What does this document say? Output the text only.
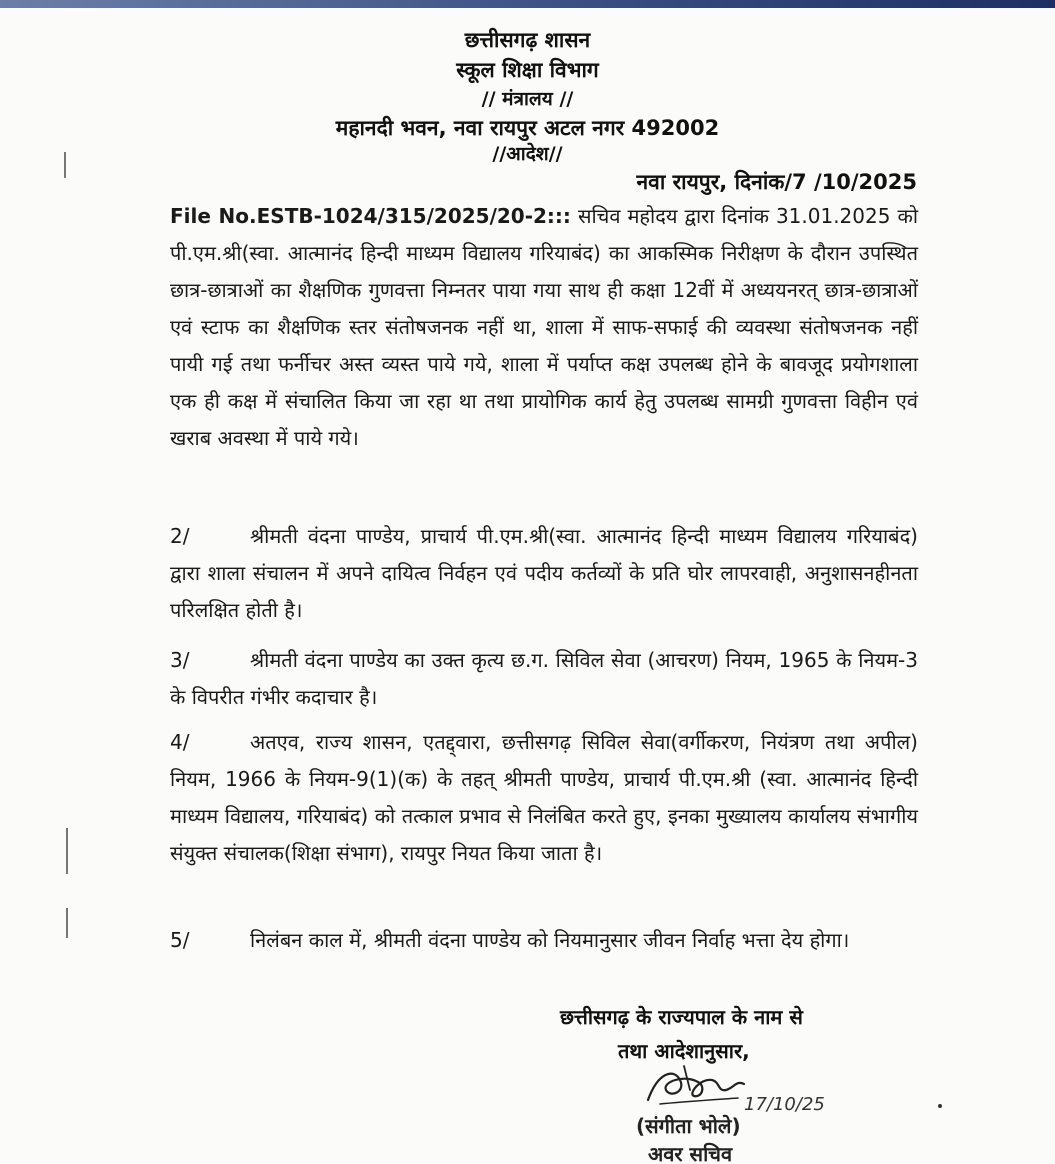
छत्तीसगढ़ शासन
स्कूल शिक्षा विभाग
// मंत्रालय //
महानदी भवन, नवा रायपुर अटल नगर 492002
//आदेश//
नवा रायपुर, दिनांक/7 /10/2025
File No.ESTB-1024/315/2025/20-2::: सचिव महोदय द्वारा दिनांक 31.01.2025 को पी.एम.श्री(स्वा. आत्मानंद हिन्दी माध्यम विद्यालय गरियाबंद) का आकस्मिक निरीक्षण के दौरान उपस्थित छात्र-छात्राओं का शैक्षणिक गुणवत्ता निम्नतर पाया गया साथ ही कक्षा 12वीं में अध्ययनरत् छात्र-छात्राओं एवं स्टाफ का शैक्षणिक स्तर संतोषजनक नहीं था, शाला में साफ-सफाई की व्यवस्था संतोषजनक नहीं पायी गई तथा फर्नीचर अस्त व्यस्त पाये गये, शाला में पर्याप्त कक्ष उपलब्ध होने के बावजूद प्रयोगशाला एक ही कक्ष में संचालित किया जा रहा था तथा प्रायोगिक कार्य हेतु उपलब्ध सामग्री गुणवत्ता विहीन एवं खराब अवस्था में पाये गये।
2/	श्रीमती वंदना पाण्डेय, प्राचार्य पी.एम.श्री(स्वा. आत्मानंद हिन्दी माध्यम विद्यालय गरियाबंद) द्वारा शाला संचालन में अपने दायित्व निर्वहन एवं पदीय कर्तव्यों के प्रति घोर लापरवाही, अनुशासनहीनता परिलक्षित होती है।
3/	श्रीमती वंदना पाण्डेय का उक्त कृत्य छ.ग. सिविल सेवा (आचरण) नियम, 1965 के नियम-3 के विपरीत गंभीर कदाचार है।
4/	अतएव, राज्य शासन, एतद्द्वारा, छत्तीसगढ़ सिविल सेवा(वर्गीकरण, नियंत्रण तथा अपील) नियम, 1966 के नियम-9(1)(क) के तहत् श्रीमती पाण्डेय, प्राचार्य पी.एम.श्री (स्वा. आत्मानंद हिन्दी माध्यम विद्यालय, गरियाबंद) को तत्काल प्रभाव से निलंबित करते हुए, इनका मुख्यालय कार्यालय संभागीय संयुक्त संचालक(शिक्षा संभाग), रायपुर नियत किया जाता है।
5/	निलंबन काल में, श्रीमती वंदना पाण्डेय को नियमानुसार जीवन निर्वाह भत्ता देय होगा।
छत्तीसगढ़ के राज्यपाल के नाम से
तथा आदेशानुसार,
17/10/25
(संगीता भोले)
अवर सचिव
